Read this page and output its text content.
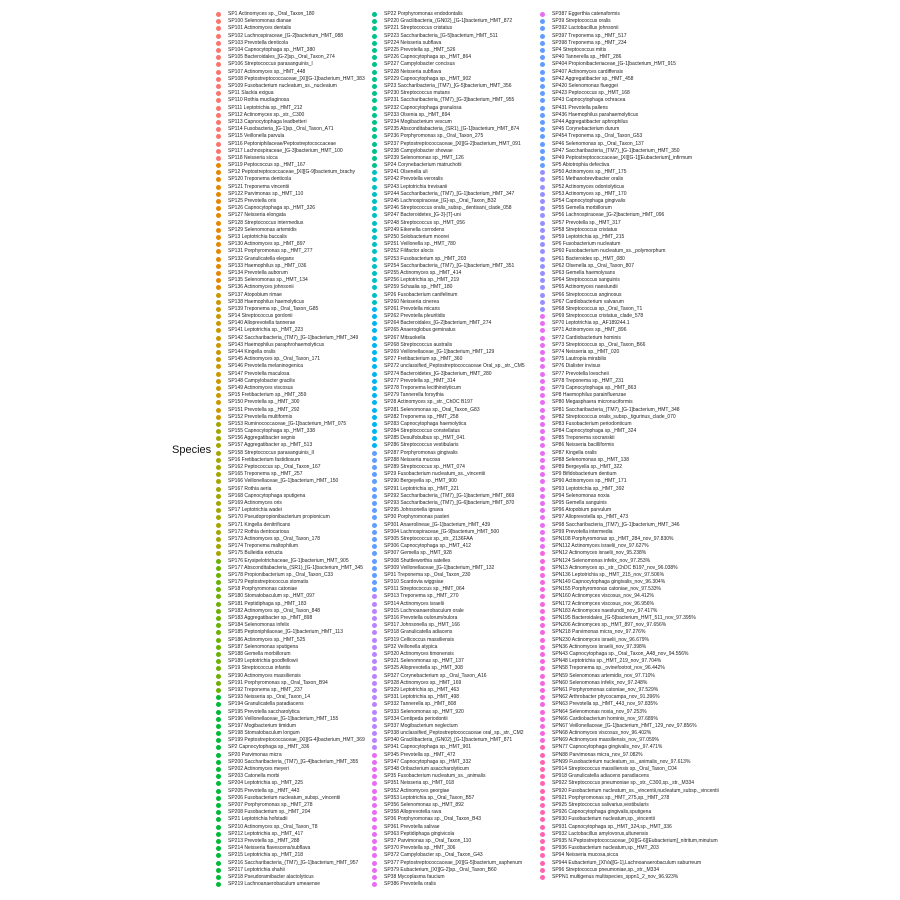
Species
SP1 Actinomyces sp._Oral_Taxon_180
SP100 Selenomonas dianae
SP101 Actinomyces dentalis
SP102 Lachnospiraceae_[G-2]bacterium_HMT_088
SP103 Prevotella denticola
SP104 Capnocytophaga sp._HMT_380
SP105 Bacteroidales_[G-2]sp._Oral_Taxon_274
SP106 Streptococcus parasanguinis_I
SP107 Actinomyces sp._HMT_448
SP108 Peptostreptococcaceae_[XI][G-1]bacterium_HMT_383
SP109 Fusobacterium nucleatum_ss._nucleatum
SP11 Slackia exigua
SP110 Rothia mucilaginosa
SP111 Leptotrichia sp._HMT_212
SP112 Actinomyces sp._str._C300
SP113 Capnocytophaga leadbetteri
SP114 Fusobacteria_[G-1]sp._Oral_Taxon_A71
SP115 Veillonella parvula
SP116 Peptoniphilaceae/Peptostreptococcaceae
SP117 Lachnospiraceae_[G-3]bacterium_HMT_100
SP118 Neisseria sicca
SP119 Peptococcus sp._HMT_167
SP12 Peptostreptococcaceae_[XI][G-9]bacterium_brachy
SP120 Treponema denticola
SP121 Treponema vincentii
SP122 Parvimonas sp._HMT_110
SP125 Prevotella oris
SP126 Capnocytophaga sp._HMT_326
SP127 Neisseria elongata
SP128 Streptococcus intermedius
SP129 Selenomonas artemidis
SP13 Leptotrichia buccalis
SP130 Actinomyces sp._HMT_897
SP131 Porphyromonas sp._HMT_277
SP132 Granulicatella elegans
SP133 Haemophilus sp._HMT_036
SP134 Prevotella auborum
SP135 Selenomonas sp._HMT_134
SP136 Actinomyces johnsonii
SP137 Atopobium rimae
SP138 Haemophilus haemolyticus
SP139 Treponema sp._Oral_Taxon_G85
SP14 Streptococcus gordonii
SP140 Alloprevotella tannerae
SP141 Leptotrichia sp._HMT_223
SP142 Saccharibacteria_(TM7)_[G-1]bacterium_HMT_349
SP143 Haemophilus paraphrohaemolyticus
SP144 Kingella oralis
SP145 Actinomyces sp._Oral_Taxon_171
SP146 Prevotella melaninogenica
SP147 Prevotella maculosa
SP148 Campylobacter gracilis
SP149 Actinomyces viscosus
SP15 Fretibacterium sp._HMT_359
SP150 Prevotella sp._HMT_300
SP151 Prevotella sp._HMT_292
SP152 Prevotella multiformis
SP153 Ruminococcaceae_[G-1]bacterium_HMT_075
SP155 Capnocytophaga sp._HMT_338
SP156 Aggregatibacter segnis
SP157 Aggregatibacter sp._HMT_513
SP158 Streptococcus parasanguinis_II
SP16 Fretibacterium fastidiosum
SP162 Peptococcus sp._Oral_Taxon_167
SP165 Treponema sp._HMT_257
SP166 Veillonellaceae_[G-1]bacterium_HMT_150
SP167 Rothia aeria
SP168 Capnocytophaga sputigena
SP169 Actinomyces oris
SP17 Leptotrichia wadei
SP170 Pseudopropionibacterium propionicum
SP171 Kingella denitrificans
SP172 Rothia dentocariosa
SP173 Actinomyces sp._Oral_Taxon_178
SP174 Treponema maltophilum
SP175 Bulleidia extructa
SP176 Erysipelotrichaceae_[G-1]bacterium_HMT_905
SP177 Absconditabacteria_(SR1)_[G-1]bacterium_HMT_345
SP178 Propionibacterium sp._Oral_Taxon_C33
SP179 Peptostreptococcus stomatis
SP18 Porphyromonas catoniae
SP180 Stomatobaculum sp._HMT_097
SP181 Peptidiphaga sp._HMT_183
SP182 Actinomyces sp._Oral_Taxon_848
SP183 Aggregatibacter sp._HMT_898
SP184 Selenomonas infelix
SP185 Peptoniphilaceae_[G-1]bacterium_HMT_113
SP186 Actinomyces sp._HMT_525
SP187 Selenomonas sputigena
SP188 Gemella morbillorum
SP189 Leptotrichia goodfellowii
SP19 Streptococcus infantis
SP190 Actinomyces massiliensis
SP191 Porphyromonas sp._Oral_Taxon_B94
SP192 Treponema sp._HMT_237
SP193 Neisseria sp._Oral_Taxon_14
SP194 Granulicatella paradiacens
SP195 Prevotella saccharolytica
SP196 Veillonellaceae_[G-1]bacterium_HMT_155
SP197 Mogibacterium timidum
SP198 Stomatobaculum longum
SP199 Peptostreptococcaceae_[XI][G-4]bacterium_HMT_369
SP2 Capnocytophaga sp._HMT_336
SP20 Parvimonas micra
SP200 Saccharibacteria_(TM7)_[G-4]bacterium_HMT_355
SP202 Actinomyces meyeri
SP203 Catonella morbi
SP204 Leptotrichia sp._HMT_225
SP205 Prevotella sp._HMT_443
SP206 Fusobacterium nucleatum_subsp._vincentii
SP207 Porphyromonas sp._HMT_278
SP208 Fusobacterium sp._HMT_204
SP21 Leptotrichia hofstadii
SP210 Actinomyces sp._Oral_Taxon_T8
SP212 Leptotrichia sp._HMT_417
SP213 Prevotella sp._HMT_288
SP214 Neisseria flavescens/subflava
SP215 Leptotrichia sp._HMT_218
SP216 Saccharibacteria_(TM7)_[G-1]bacterium_HMT_957
SP217 Leptotrichia shahii
SP218 Pseudoramibacter alactolyticus
SP219 Lachnoanaerobaculum umeaense
SP22 Porphyromonas endodontalis
SP220 Gracilibacteria_(GN02)_[G-1]bacterium_HMT_872
SP221 Streptococcus cristatus
SP223 Saccharibacteria_[G-5]bacterium_HMT_511
SP224 Neisseria subflava
SP225 Prevotella sp._HMT_526
SP226 Capnocytophaga sp._HMT_864
SP227 Campylobacter concisus
SP228 Neisseria subflava
SP229 Capnocytophaga sp._HMT_902
SP23 Saccharibacteria_(TM7)_[G-5]bacterium_HMT_356
SP230 Streptococcus mutans
SP231 Saccharibacteria_(TM7)_[G-3]bacterium_HMT_955
SP232 Capnocytophaga granulosa
SP233 Olsenia sp._HMT_894
SP234 Mogibacterium vescum
SP235 Absconditabacteria_(SR1)_[G-1]bacterium_HMT_874
SP236 Porphyromonas sp._Oral_Taxon_275
SP237 Peptostreptococcaceae_[XI][G-2]bacterium_HMT_091
SP238 Campylobacter showae
SP239 Selenomonas sp._HMT_126
SP24 Corynebacterium matruchotii
SP241 Olsenella uli
SP242 Prevotella veroralis
SP243 Leptotrichia trevisanii
SP244 Saccharibacteria_(TM7)_[G-1]bacterium_HMT_347
SP245 Lachnospiraceae_[G]-sp._Oral_Taxon_B32
SP246 Streptococcus oralis_subsp._dentisani_clade_058
SP247 Bacteroidetes_[G-3]-[T]-uni
SP248 Streptococcus sp._HMT_056
SP249 Eikenella corrodens
SP250 Solobacterium moorei
SP251 Veillonella sp._HMT_780
SP252 Filifactor alocis
SP253 Fusobacterium sp._HMT_203
SP254 Saccharibacteria_(TM7)_[G-1]bacterium_HMT_351
SP255 Actinomyces sp._HMT_414
SP256 Leptotrichia sp._HMT_219
SP259 Schaalia sp._HMT_180
SP26 Fusobacterium canifelinum
SP260 Neisseria cinerea
SP261 Prevotella micans
SP262 Prevotella pleuritidis
SP264 Bacteroidales_[G-2]bacterium_HMT_274
SP265 Anaeroglobus geminatus
SP267 Mitsuokella
SP268 Streptococcus australis
SP269 Veillonellaceae_[G-1]bacterium_HMT_129
SP27 Fretibacterium sp._HMT_360
SP272 unclassified_Peptostreptococcaceae Oral_sp._str._CM5
SP274 Bacteroidetes_[G-3]bacterium_HMT_280
SP277 Prevotella sp._HMT_314
SP278 Treponema lecithinolyticum
SP279 Tannerella forsythia
SP28 Actinomyces sp._str._ChDC B197
SP281 Selenomonas sp._Oral_Taxon_G83
SP282 Treponema sp._HMT_258
SP283 Capnocytophaga haemolytica
SP284 Streptococcus constellatus
SP285 Desulfobulbus sp._HMT_041
SP286 Streptococcus vestibularis
SP287 Porphyromonas gingivalis
SP288 Neisseria mucosa
SP289 Streptococcus sp._HMT_074
SP29 Fusobacterium nucleatum_ss._vincentii
SP290 Bergeyella sp._HMT_900
SP291 Leptotrichia sp._HMT_221
SP292 Saccharibacteria_(TM7)_[G-1]bacterium_HMT_869
SP293 Saccharibacteria_(TM7)_[G-6]bacterium_HMT_870
SP295 Johnsonella ignava
SP30 Porphyromonas pasteri
SP301 Anaerolineae_[G-1]bacterium_HMT_439
SP304 Lachnospiraceae_[G-9]bacterium_HMT_500
SP305 Streptococcus sp._str._2136FAA
SP306 Capnocytophaga sp._HMT_412
SP307 Gemella sp._HMT_928
SP308 Shuttleworthia satelles
SP309 Veillonellaceae_[G-1]bacterium_HMT_132
SP31 Treponema sp._Oral_Taxon_230
SP310 Scardovia wiggsiae
SP311 Streptococcus sp._HMT_064
SP313 Treponema sp._HMT_270
SP314 Actinomyces israelii
SP315 Lachnoanaerobaculum orale
SP316 Prevotella oulorum/oulora
SP317 Johnsonella sp._HMT_166
SP318 Granulicatella adiacens
SP319 Cellicoccus massiliensis
SP32 Veillonella atypica
SP320 Actinomyces timonensis
SP321 Selenomonas sp._HMT_137
SP325 Alloprevotella sp._HMT_308
SP327 Corynebacterium sp._Oral_Taxon_A16
SP328 Actinomyces sp._HMT_169
SP329 Leptotrichia sp._HMT_463
SP331 Leptotrichia sp._HMT_498
SP332 Tannerella sp._HMT_808
SP333 Selenomonas sp._HMT_920
SP334 Centipeda periodontii
SP337 Mogibacterium neglectum
SP338 unclassified_Peptostreptococcaceae oral_sp._str._CM2
SP340 Gracilibacteria_(GN02)_[G-1]bacterium_HMT_871
SP341 Capnocytophaga sp._HMT_901
SP345 Prevotella sp._HMT_472
SP347 Capnocytophaga sp._HMT_332
SP348 Oribacterium asaccharolyticum
SP35 Fusobacterium nucleatum_ss._animalis
SP351 Neisseria sp._HMT_018
SP352 Actinomyces georgiae
SP353 Leptotrichia sp._Oral_Taxon_B57
SP356 Selenomonas sp._HMT_892
SP358 Alloprevotella rava
SP36 Porphyromonas sp._Oral_Taxon_B43
SP361 Prevotella salivae
SP363 Peptidiphaga gingivicola
SP37 Parvimonas sp._Oral_Taxon_110
SP370 Prevotella sp._HMT_306
SP372 Campylobacter sp._Oral_Taxon_G43
SP377 Peptostreptococcaceae_[XI][G-5]bacterium_saphenum
SP379 Eubacterium_[XI][G-2]sp._Oral_Taxon_B60
SP38 Mycoplasma faucium
SP386 Prevotella oralis
SP387 Eggerthia catenaformis
SP39 Streptococcus oralis
SP392 Lactobacillus johnsonii
SP397 Treponema sp._HMT_517
SP398 Treponema sp._HMT_234
SP4 Streptococcus mitis
SP40 Tannerella sp._HMT_286
SP404 Propionibacteriaceae_[G-1]bacterium_HMT_915
SP407 Actinomyces cardiffensis
SP42 Aggregatibacter sp._HMT_458
SP420 Selenomonas flueggei
SP423 Peptococcus sp._HMT_168
SP43 Capnocytophaga ochracea
SP431 Prevotella pallens
SP436 Haemophilus parahaemolyticus
SP44 Aggregatibacter aphrophilus
SP45 Corynebacterium durum
SP454 Treponema sp._Oral_Taxon_G53
SP46 Selenomonas sp._Oral_Taxon_137
SP47 Saccharibacteria_(TM7)_[G-1]bacterium_HMT_350
SP49 Peptostreptococcaceae_[XI][G-1][Eubacterium]_infirmum
SP5 Abiotrophia defectiva
SP50 Actinomyces sp._HMT_175
SP51 Methanobrevibacter oralis
SP52 Actinomyces odontolyticus
SP53 Actinomyces sp._HMT_170
SP54 Capnocytophaga gingivalis
SP55 Gemella morbillorum
SP56 Lachnospiraceae_[G-2]bacterium_HMT_096
SP57 Prevotella sp._HMT_317
SP58 Streptococcus cristatus
SP59 Leptotrichia sp._HMT_215
SP6 Fusobacterium nucleatum
SP60 Fusobacterium nucleatum_ss._polymorphum
SP61 Bacteroides sp._HMT_080
SP62 Olsenella sp._Oral_Taxon_807
SP63 Gemella haemolysans
SP64 Streptococcus sanguinis
SP65 Actinomyces naeslundii
SP66 Streptococcus anginosus
SP67 Cardiobacterium valvarum
SP68 Streptococcus sp._Oral_Taxon_T1
SP69 Streptococcus cristatus_clade_578
SP70 Leptotrichia sp._AF189244.1
SP71 Actinomyces sp._HMT_896
SP72 Cardiobacterium hominis
SP73 Streptococcus sp._Oral_Taxon_B66
SP74 Neisseria sp._HMT_020
SP75 Lautropia mirabilis
SP76 Dialister invisus
SP77 Prevotella loescheii
SP78 Treponema sp._HMT_231
SP79 Capnocytophaga sp._HMT_863
SP8 Haemophilus parainfluenzae
SP80 Megasphaera micronuciformis
SP81 Saccharibacteria_(TM7)_[G-1]bacterium_HMT_348
SP82 Streptococcus oralis_subsp._tigurinus_clade_070
SP83 Fusobacterium periodonticum
SP84 Capnocytophaga sp._HMT_324
SP85 Treponema socranskii
SP86 Neisseria bacilliformis
SP87 Kingella oralis
SP88 Selenomonas sp._HMT_138
SP89 Bergeyella sp._HMT_322
SP9 Bifidobacterium dentium
SP90 Actinomyces sp._HMT_171
SP93 Leptotrichia sp._HMT_392
SP94 Selenomonas noxia
SP95 Gemella sanguinis
SP96 Atopobium parvulum
SP97 Alloprevotella sp._HMT_473
SP98 Saccharibacteria_(TM7)_[G-1]bacterium_HMT_346
SP99 Prevotella intermedia
SPN108 Porphyromonas sp._HMT_284_nov_97.830%
SPN112 Actinomyces israelii_nov_97.627%
SPN12 Actinomyces israelii_nov_95.238%
SPN124 Selenomonas infelix_nov_97.253%
SPN13 Actinomyces sp._str._ChDC B197_nov_96.038%
SPN136 Leptotrichia sp._HMT_215_nov_97.506%
SPN149 Capnocytophaga gingivalis_nov_96.304%
SPN155 Porphyromonas catoniae_nov_97.533%
SPN160 Actinomyces viscosus_nov_94.412%
SPN172 Actinomyces viscosus_nov_96.956%
SPN183 Actinomyces naeslundii_nov_97.417%
SPN195 Bacteroidales_[G-5]bacterium_HMT_511_nov_97.395%
SPN206 Actinomyces sp._HMT_897_nov_97.656%
SPN218 Parvimonas micra_nov_97.276%
SPN230 Actinomyces israelii_nov_96.679%
SPN36 Actinomyces israelii_nov_97.398%
SPN43 Capnocytophaga sp._Oral_Taxon_A48_nov_94.556%
SPN48 Leptotrichia sp._HMT_219_nov_97.704%
SPN58 Treponema sp._ovinefootrot_nov_96.442%
SPN59 Selenomonas artemidis_nov_97.710%
SPN60 Selenomonas infelix_nov_97.248%
SPN61 Porphyromonas catoniae_nov_97.529%
SPN62 Arthrobacter phycocampa_nov_91.396%
SPN63 Prevotella sp._HMT_443_nov_97.835%
SPN64 Selenomonas noxia_nov_97.253%
SPN66 Cardiobacterium hominis_nov_97.689%
SPN67 Veillonellaceae_[G-1]bacterium_HMT_129_nov_97.856%
SPN68 Actinomyces viscosus_nov_96.402%
SPN69 Actinomyces massiliensis_nov_97.059%
SPN77 Capnocytophaga gingivalis_nov_97.471%
SPN88 Parvimonas micra_nov_97.082%
SPN99 Fusobacterium nucleatum_ss._animalis_nov_97.613%
SP914 Streptococcus massiliensis sp._Oral_Taxon_C04
SP918 Granulicatella adiacens paradiacens
SP922 Streptococcus pneumoniae sp._str._C300,sp._str._M334
SP920 Fusobacterium nucleatum_ss._vincentii,nucleatum_subsp._vincentii
SP921 Porphyromonas sp._HMT_275,sp._HMT_278
SP925 Streptococcus salivarius,vestibularis
SP926 Capnocytophaga gingivalis,sputigena
SP930 Fusobacterium nucleatum,sp._vincentii
SP931 Capnocytophaga sp._HMT_324,sp._HMT_336
SP932 Lactobacillus amylovorus,ultunensis
SP935 N.Peptostreptococcaceae_[XI][G-6][Eubacterium]_nitritum,minutum
SP936 Fusobacterium nucleatum,sp._HMT_203
SP94 Neisseria mucosa,sicca
SP944 Eubacterium_[XIVa][G-1],Lachnoanaerobaculum saburreum
SP96 Streptococcus pneumoniae,sp._str._M334
SPPN1 multigenus multispecies_sppn1_2_nov_96.923%
